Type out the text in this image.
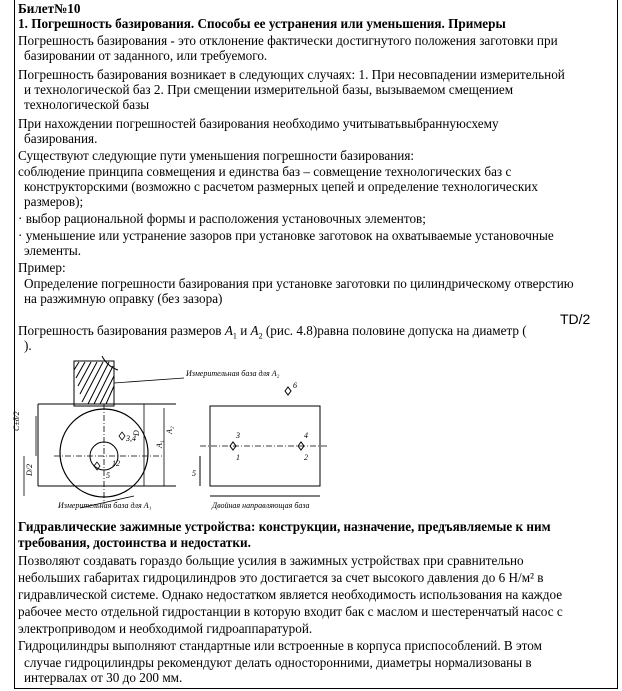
Билет№10
1. Погрешность базирования. Способы ее устранения или уменьшения. Примеры
Погрешность базирования - это отклонение фактически достигнутого положения заготовки при
базировании от заданного, или требуемого.
Погрешность базирования возникает в следующих случаях: 1. При несовпадении измерительной
и технологической баз 2. При смещении измерительной базы, вызываемом смещением
технологической базы
При нахождении погрешностей базирования необходимо учитыватьвыбраннуюсхему
базирования.
Существуют следующие пути уменьшения погрешности базирования:
соблюдение принципа совмещения и единства баз – совмещение технологических баз с
конструкторскими (возможно с расчетом размерных цепей и определение технологических
размеров);
· выбор рациональной формы и расположения установочных элементов;
· уменьшение или устранение зазоров при установке заготовок на охватываемые установочные
элементы.
Пример:
Определение погрешности базирования при установке заготовки по цилиндрическому отверстию
на разжимную оправку (без зазора)
Погрешность базирования размеров $A_1$ и $A_2$ (рис. 4.8)равна половине допуска на диаметр (
TD/2
).
3,4
12
5
Измерительная база для A₂
Измерительная база для A₁
C±δ/2
D/2
D
A₁
A₂
6
3	4
1	2
5
Двойная направляющая база
Гидравлические зажимные устройства: конструкции, назначение, предъявляемые к ним
требования, достоинства и недостатки.
Позволяют создавать гораздо больщие усилия в зажимных устройствах при сравнительно
небольших габаритах гидроцилиндров это достигается за счет высокого давления до 6 Н/м² в
гидравлической системе. Однако недостатком является необходимость использования на каждое
рабочее место отдельной гидростанции в которую входит бак с маслом и шестеренчатый насос с
электроприводом и необходимой гидроаппаратурой.
Гидроцилиндры выполняют стандартные или встроенные в корпуса приспособлений. В этом
случае гидроцилиндры рекомендуют делать односторонними, диаметры нормализованы в
интервалах от 30 до 200 мм.
